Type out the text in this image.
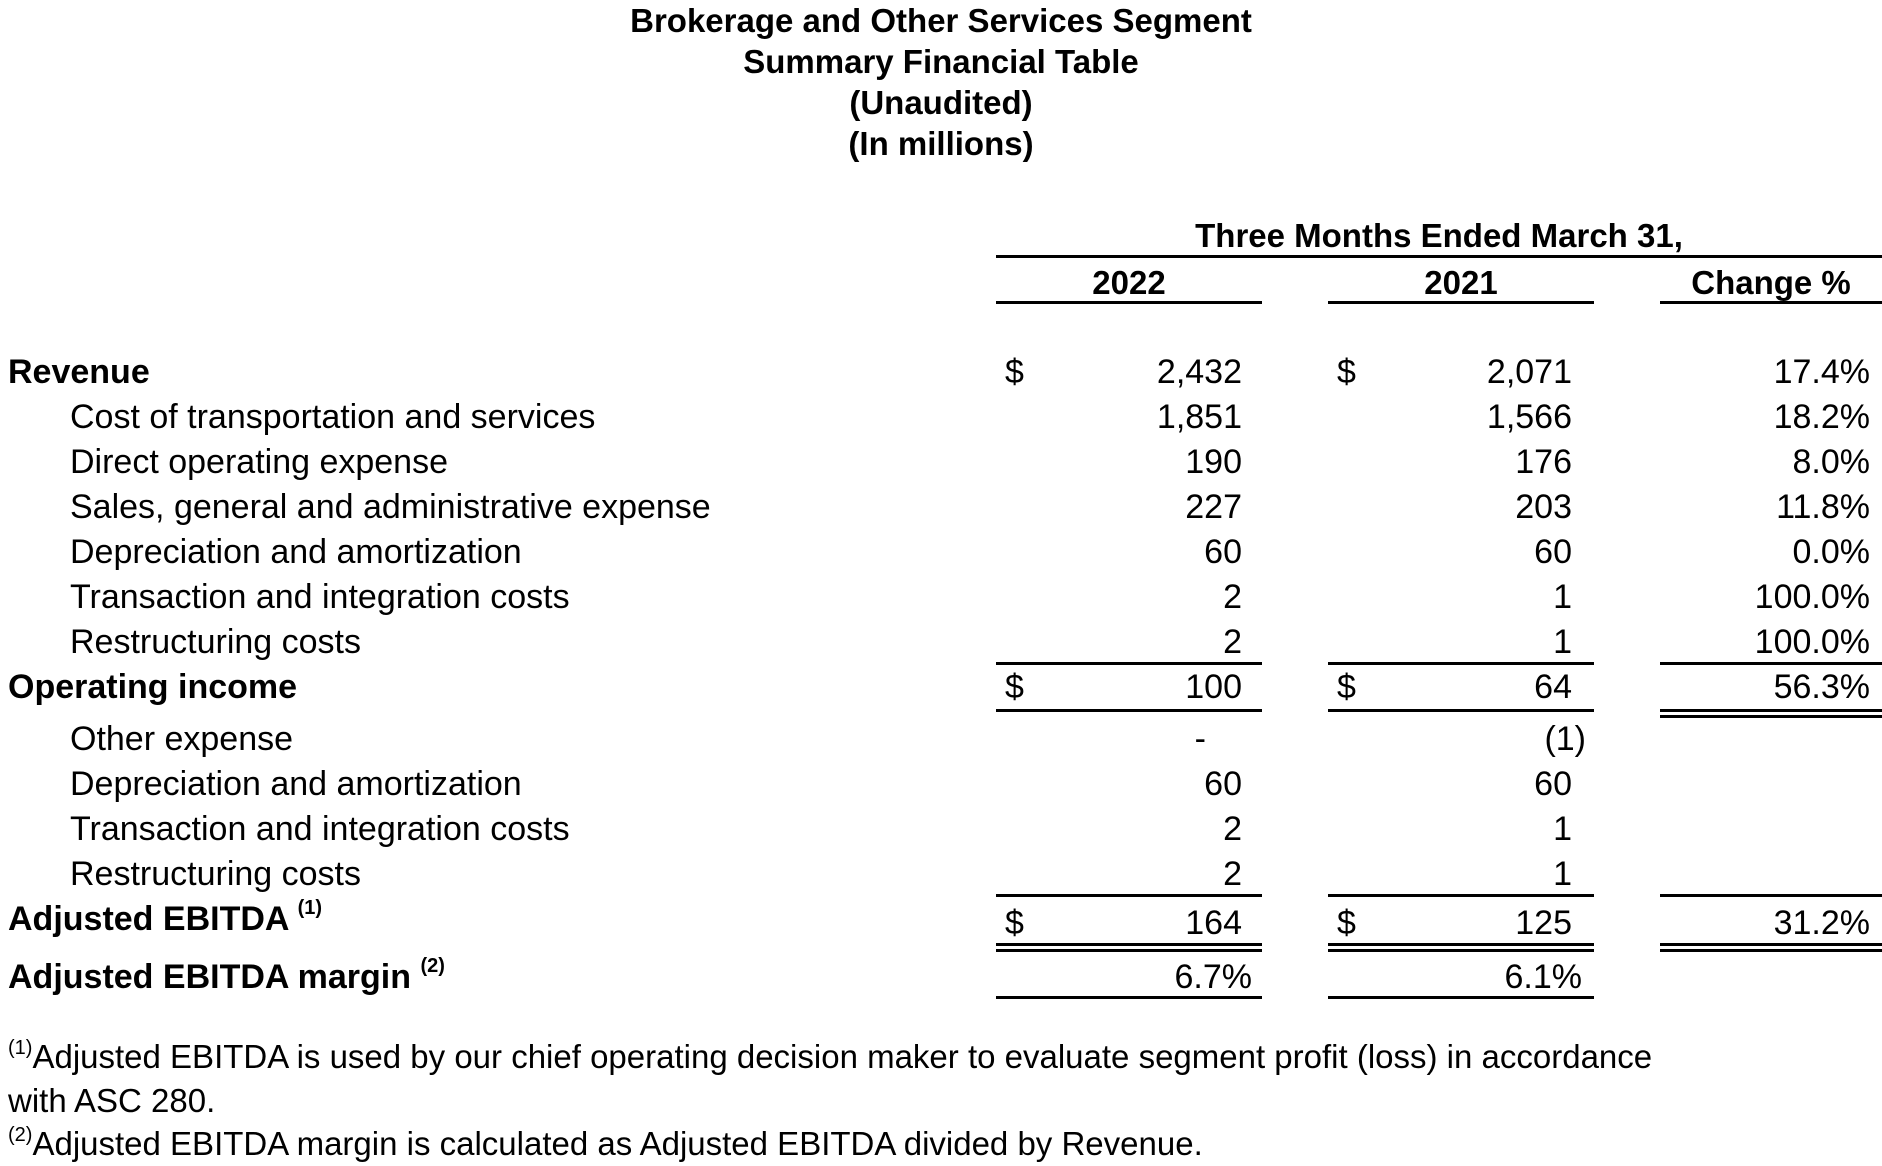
Brokerage and Other Services Segment
Summary Financial Table
(Unaudited)
(In millions)
Three Months Ended March 31,
2022	2021	Change %
Revenue	$	2,432	$	2,071	17.4%
Cost of transportation and services	1,851	1,566	18.2%
Direct operating expense	190	176	8.0%
Sales, general and administrative expense	227	203	11.8%
Depreciation and amortization	60	60	0.0%
Transaction and integration costs	2	1	100.0%
Restructuring costs	2	1	100.0%
Operating income	$	100	$	64	56.3%
Other expense	-	(1)
Depreciation and amortization	60	60
Transaction and integration costs	2	1
Restructuring costs	2	1
Adjusted EBITDA $^{(1)}$	$	164	$	125	31.2%
Adjusted EBITDA margin $^{(2)}$	6.7%	6.1%
$^{(1)}$Adjusted EBITDA is used by our chief operating decision maker to evaluate segment profit (loss) in accordance
with ASC 280.
$^{(2)}$Adjusted EBITDA margin is calculated as Adjusted EBITDA divided by Revenue.
